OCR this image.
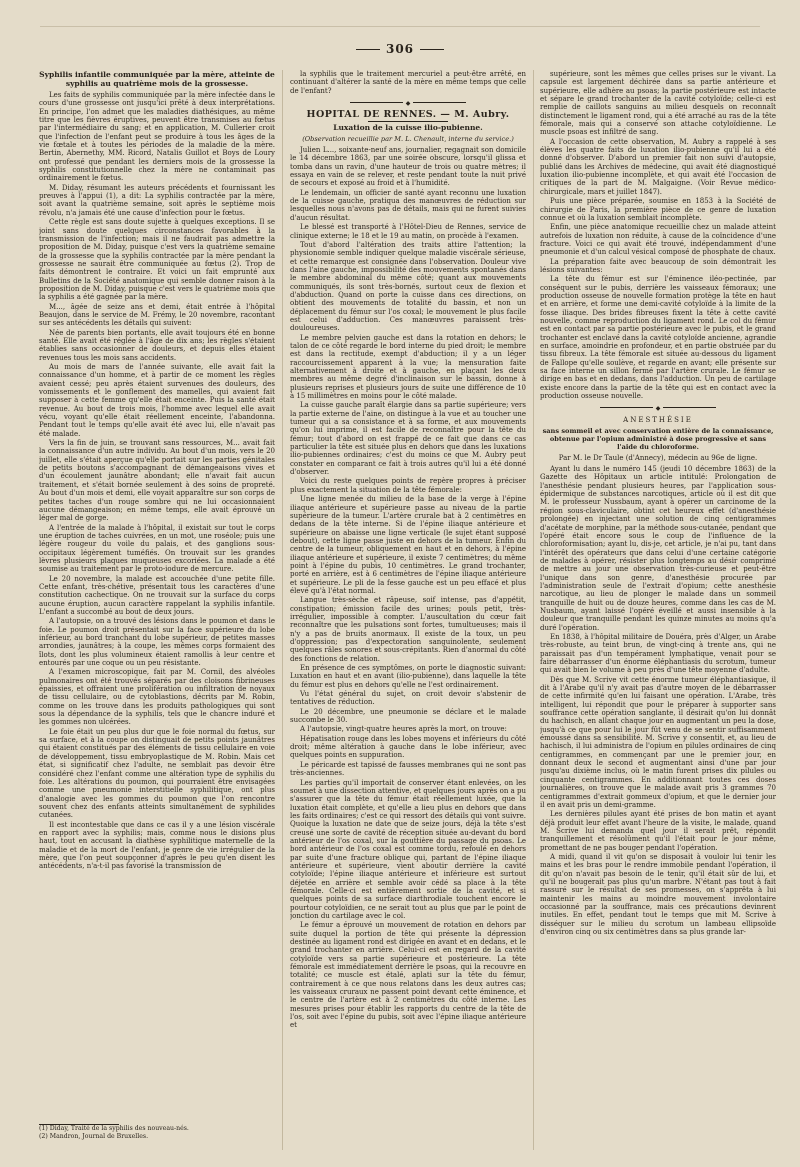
306
Syphilis infantile communiquée par la mère, atteinte de syphilis au quatrième mois de la grossesse.

Les faits de syphilis communiquée par la mère infectée dans le cours d'une grossesse ont jusqu'ici prêté à deux interprétations. En principe, l'on admet que les maladies diathésiques, au même titre que les fièvres éruptives, peuvent être transmises au fœtus par l'intermédiaire du sang; et en application, M. Cullerier croit que l'infection de l'enfant peut se produire à tous les âges de la vie fœtale et à toutes les périodes de la maladie de la mère. Bertin, Abernethy, MM. Ricord, Natalis Guillot et Boys de Loury ont professé que pendant les derniers mois de la grossesse la syphilis constitutionnelle chez la mère ne contaminait pas ordinairement le fœtus.

M. Diday, résumant les auteurs précédents et fournissant les preuves à l'appui (1), a dit: La syphilis contractée par la mère, soit avant la quatrième semaine, soit après le septième mois révolu, n'a jamais été une cause d'infection pour le fœtus.

Cette règle est sans doute sujette à quelques exceptions. Il se joint sans doute quelques circonstances favorables à la transmission de l'infection; mais il ne faudrait pas admettre la proposition de M. Diday, puisque c'est vers la quatrième semaine de la grossesse que la syphilis contractée par la mère pendant la grossesse ne saurait être communiquée au fœtus (2). Trop de faits démontrent le contraire. Et voici un fait emprunté aux Bulletins de la Société anatomique qui semble donner raison à la proposition de M. Diday, puisque c'est vers le quatrième mois que la syphilis a été gagnée par la mère.

M..., âgée de seize ans et demi, était entrée à l'hôpital Beaujon, dans le service de M. Frémy, le 20 novembre, racontant sur ses antécédents les détails qui suivent:

Née de parents bien portants, elle avait toujours été en bonne santé. Elle avait été réglée à l'âge de dix ans; les règles s'étaient établies sans occasionner de douleurs, et depuis elles étaient revenues tous les mois sans accidents.

Au mois de mars de l'année suivante, elle avait fait la connaissance d'un homme, et à partir de ce moment les règles avaient cessé; peu après étaient survenues des douleurs, des vomissements et le gonflement des mamelles, qui avaient fait supposer à cette femme qu'elle était enceinte. Puis la santé était revenue. Au bout de trois mois, l'homme avec lequel elle avait vécu, voyant qu'elle était réellement enceinte, l'abandonna. Pendant tout le temps qu'elle avait été avec lui, elle n'avait pas été malade.

Vers la fin de juin, se trouvant sans ressources, M... avait fait la connaissance d'un autre individu. Au bout d'un mois, vers le 20 juillet, elle s'était aperçue qu'elle portait sur les parties génitales de petits boutons s'accompagnant de démangeaisons vives et d'un écoulement jaunâtre abondant; elle n'avait fait aucun traitement, et s'était bornée seulement à des soins de propreté. Au bout d'un mois et demi, elle voyait apparaître sur son corps de petites taches d'un rouge sombre qui ne lui occasionnaient aucune démangeaison; en même temps, elle avait éprouvé un léger mal de gorge.

A l'entrée de la malade à l'hôpital, il existait sur tout le corps une éruption de taches cuivrées, en un mot, une roséole; puis une légère rougeur du voile du palais, et des ganglions sous-occipitaux légèrement tuméfiés. On trouvait sur les grandes lèvres plusieurs plaques muqueuses excoriées. La malade a été soumise au traitement par le proto-iodure de mercure.

Le 20 novembre, la malade est accouchée d'une petite fille. Cette enfant, très-chétive, présentait tous les caractères d'une constitution cachectique. On ne trouvait sur la surface du corps aucune éruption, aucun caractère rappelant la syphilis infantile. L'enfant a succombé au bout de deux jours.

A l'autopsie, on a trouvé des lésions dans le poumon et dans le foie. Le poumon droit présentait sur la face supérieure du lobe inférieur, au bord tranchant du lobe supérieur, de petites masses arrondies, jaunâtres; à la coupe, les mêmes corps formaient des îlots, dont les plus volumineux étaient ramollis à leur centre et entourés par une coque ou un peu résistante.

A l'examen microscopique, fait par M. Cornil, des alvéoles pulmonaires ont été trouvés séparés par des cloisons fibrineuses épaissies, et offraient une prolifération ou infiltration de noyaux de tissu cellulaire, ou de cytoblastions, décrits par M. Robin, comme on les trouve dans les produits pathologiques qui sont sous la dépendance de la syphilis, tels que le chancre induré et les gommes non ulcérées.

Le foie était un peu plus dur que le foie normal du fœtus, sur sa surface, et à la coupe on distinguait de petits points jaunâtres qui étaient constitués par des éléments de tissu cellulaire en voie de développement, tissu embryoplastique de M. Robin. Mais cet état, si significatif chez l'adulte, ne semblait pas devoir être considéré chez l'enfant comme une altération type de syphilis du foie. Les altérations du poumon, qui pourraient être envisagées comme une pneumonie interstitielle syphilitique, ont plus d'analogie avec les gommes du poumon que l'on rencontre souvent chez des enfants atteints simultanément de syphilides cutanées.

Il est incontestable que dans ce cas il y a une lésion viscérale en rapport avec la syphilis; mais, comme nous le disions plus haut, tout en accusant la diathèse syphilitique maternelle de la maladie et de la mort de l'enfant, je genre de vie irrégulier de la mère, que l'on peut soupçonner d'après le peu qu'en disent les antécédents, n'a-t-il pas favorisé la transmission de

la syphilis que le traitement mercuriel a peut-être arrêté, en continuant d'altérer la santé de la mère en même temps que celle de l'enfant?

◆
HOPITAL DE RENNES. — M. Aubry.
Luxation de la cuisse ilio-pubienne.
(Observation recueillie par M. L. Chenault, interne du service.)

Julien L..., soixante-neuf ans, journalier, regagnait son domicile le 14 décembre 1863, par une soirée obscure, lorsqu'il glissa et tomba dans un ravin, d'une hauteur de trois ou quatre mètres; il essaya en vain de se relever, et reste pendant toute la nuit privé de secours et exposé au froid et à l'humidité.

Le lendemain, un officier de santé ayant reconnu une luxation de la cuisse gauche, pratiqua des manœuvres de réduction sur lesquelles nous n'avons pas de détails, mais qui ne furent suivies d'aucun résultat.

Le blessé est transporté à l'Hôtel-Dieu de Rennes, service de clinique externe; le 18 et le 19 au matin, on procède à l'examen.

Tout d'abord l'altération des traits attire l'attention; la physionomie semble indiquer quelque maladie viscérale sérieuse, et cette remarque est consignée dans l'observation. Douleur vive dans l'aine gauche, impossibilité des mouvements spontanés dans le membre abdominal du même côté; quant aux mouvements communiqués, ils sont très-bornés, surtout ceux de flexion et d'abduction. Quand on porte la cuisse dans ces directions, on obtient des mouvements de totalité du bassin, et non un déplacement du fémur sur l'os coxal; le mouvement le plus facile est celui d'adduction. Ces manœuvres paraissent très-douloureuses.

Le membre pelvien gauche est dans la rotation en dehors; le talon de ce côté regarde le bord interne du pied droit; le membre est dans la rectitude, exempt d'abduction; il y a un léger raccourcissement apparent à la vue; la mensuration faite alternativement à droite et à gauche, en plaçant les deux membres au même degré d'inclinaison sur le bassin, donne à plusieurs reprises et plusieurs jours de suite une différence de 10 à 15 millimètres en moins pour le côté malade.

La cuisse gauche paraît élargie dans sa partie supérieure; vers la partie externe de l'aine, on distingue à la vue et au toucher une tumeur qui a sa consistance et à sa forme, et aux mouvements qu'on lui imprime, il est facile de reconnaître pour la tête du fémur; tout d'abord on est frappé de ce fait que dans ce cas particulier la tête est située plus en dehors que dans les luxations ilio-pubiennes ordinaires; c'est du moins ce que M. Aubry peut constater en comparant ce fait à trois autres qu'il lui a été donné d'observer.

Voici du reste quelques points de repère propres à préciser plus exactement la situation de la tête fémorale:

Une ligne menée du milieu de la base de la verge à l'épine iliaque antérieure et supérieure passe au niveau de la partie supérieure de la tumeur. L'artère crurale bat à 2 centimètres en dedans de la tête interne. Si de l'épine iliaque antérieure et supérieure on abaisse une ligne verticale (le sujet étant supposé debout), cette ligne passe juste en dehors de la tumeur. Enfin du centre de la tumeur, obliquement en haut et en dehors, à l'épine iliaque antérieure et supérieure, il existe 7 centimètres; du même point à l'épine du pubis, 10 centimètres. Le grand trochanter, porté en arrière, est à 6 centimètres de l'épine iliaque antérieure et supérieure. Le pli de la fesse gauche est un peu effacé et plus élevé qu'à l'état normal.

Langue très-sèche et râpeuse, soif intense, pas d'appétit, constipation; émission facile des urines; pouls petit, très-irrégulier, impossible à compter. L'auscultation du cœur fait reconnaître que les pulsations sont fortes, tumultueuses; mais il n'y a pas de bruits anormaux. Il existe de la toux, un peu d'oppression; pas d'expectoration sanguinolente, seulement quelques râles sonores et sous-crépitants. Rien d'anormal du côté des fonctions de relation.

En présence de ces symptômes, on porte le diagnostic suivant: Luxation en haut et en avant (ilio-pubienne), dans laquelle la tête du fémur est plus en dehors qu'elle ne l'est ordinairement.

Vu l'état général du sujet, on croit devoir s'abstenir de tentatives de réduction.

Le 20 décembre, une pneumonie se déclare et le malade succombe le 30.

A l'autopsie, vingt-quatre heures après la mort, on trouve:

Hépatisation rouge dans les lobes moyens et inférieurs du côté droit; même altération à gauche dans le lobe inférieur, avec quelques points en suppuration.

Le péricarde est tapissé de fausses membranes qui ne sont pas très-anciennes.

Les parties qu'il importait de conserver étant enlevées, on les soumet à une dissection attentive, et quelques jours après on a pu s'assurer que la tête du fémur était réellement luxée, que la luxation était complète, et qu'elle a lieu plus en dehors que dans les faits ordinaires; c'est ce qui ressort des détails qui vont suivre. Quoique la luxation ne date que de seize jours, déjà la tête s'est creusé une sorte de cavité de réception située au-devant du bord antérieur de l'os coxal, sur la gouttière du passage du psoas. Le bord antérieur de l'os coxal est comme tordu, refoulé en dehors par suite d'une fracture oblique qui, partant de l'épine iliaque antérieure et supérieure, vient aboutir derrière la cavité cotyloïde; l'épine iliaque antérieure et inférieure est surtout déjetée en arrière et semble avoir cédé sa place à la tête fémorale. Celle-ci est entièrement sortie de la cavité, et si quelques points de sa surface diarthrodiale touchent encore le pourtour cotyloïdien, ce ne serait tout au plus que par le point de jonction du cartilage avec le col.

Le fémur a éprouvé un mouvement de rotation en dehors par suite duquel la portion de tête qui présente la dépression destinée au ligament rond est dirigée en avant et en dedans, et le grand trochanter en arrière. Celui-ci est en regard de la cavité cotyloïde vers sa partie supérieure et postérieure. La tête fémorale est immédiatement derrière le psoas, qui la recouvre en totalité; ce muscle est étalé, aplati sur la tête du fémur, contrairement à ce que nous relatons dans les deux autres cas; les vaisseaux cruraux ne passent point devant cette éminence, et le centre de l'artère est à 2 centimètres du côté interne. Les mesures prises pour établir les rapports du centre de la tête de l'os, soit avec l'épine du pubis, soit avec l'épine iliaque antérieure et

supérieure, sont les mêmes que celles prises sur le vivant. La capsule est largement déchirée dans sa partie antérieure et supérieure, elle adhère au psoas; la partie postérieure est intacte et sépare le grand trochanter de la cavité cotyloïde; celle-ci est remplie de caillots sanguins au milieu desquels on reconnaît distinctement le ligament rond, qui a été arraché au ras de la tête fémorale, mais qui a conservé son attache cotyloïdienne. Le muscle psoas est infiltré de sang.

A l'occasion de cette observation, M. Aubry a rappelé à ses élèves les quatre faits de luxation ilio-pubienne qu'il lui a été donné d'observer. D'abord un premier fait non suivi d'autopsie, publié dans les Archives de médecine, qui avait été diagnostiqué luxation ilio-pubienne incomplète, et qui avait été l'occasion de critiques de la part de M. Malgaigne. (Voir Revue médico-chirurgicale, mars et juillet 1847).

Puis une pièce préparée, soumise en 1853 à la Société de chirurgie de Paris, la première pièce de ce genre de luxation connue et où la luxation semblait incomplète.

Enfin, une pièce anatomique recueillie chez un malade atteint autrefois de luxation non réduite, à cause de la coïncidence d'une fracture. Voici ce qui avait été trouvé, indépendamment d'une pneumonie et d'un calcul vésical composé de phosphate de chaux.

La préparation faite avec beaucoup de soin démontrait les lésions suivantes:

La tête du fémur est sur l'éminence iléo-pectinée, par conséquent sur le pubis, derrière les vaisseaux fémoraux; une production osseuse de nouvelle formation protège la tête en haut et en arrière, et forme une demi-cavité cotyloïde à la limite de la fosse iliaque. Des brides fibreuses fixent la tête à cette cavité nouvelle, comme reproduction du ligament rond. Le col du fémur est en contact par sa partie postérieure avec le pubis, et le grand trochanter est enclavé dans la cavité cotyloïde ancienne, agrandie en surface, amoindrie en profondeur, et en partie obstruée par du tissu fibreux. La tête fémorale est située au-dessous du ligament de Fallope qu'elle soulève, et regarde en avant; elle présente sur sa face interne un sillon fermé par l'artère crurale. Le fémur se dirige en bas et en dedans, dans l'adduction. Un peu de cartilage existe encore dans la partie de la tête qui est en contact avec la production osseuse nouvelle.

◆
ANESTHÉSIE
sans sommeil et avec conservation entière de la connaissance, obtenue par l'opium administré à dose progressive et sans l'aide du chloroforme.
Par M. le Dr Taule (d'Annecy), médecin au 96e de ligne.

Ayant lu dans le numéro 145 (jeudi 10 décembre 1863) de la Gazette des Hôpitaux un article intitulé: Prolongation de l'anesthésie pendant plusieurs heures, par l'application sous-épidermique de substances narcotiques, article où il est dit que M. le professeur Nussbaum, ayant à opérer un carcinome de la région sous-claviculaire, obtint cet heureux effet (d'anesthésie prolongée) en injectant une solution de cinq centigrammes d'acétate de morphine, par la méthode sous-cutanée, pendant que l'opéré était encore sous le coup de l'influence de la chloroformisation; ayant lu, dis-je, cet article, je n'ai pu, tant dans l'intérêt des opérateurs que dans celui d'une certaine catégorie de malades à opérer, résister plus longtemps au désir comprimé de mettre au jour une observation très-curieuse et peut-être l'unique dans son genre, d'anesthésie procurée par l'administration seule de l'extrait d'opium; cette anesthésie narcotique, au lieu de plonger le malade dans un sommeil tranquille de huit ou de douze heures, comme dans les cas de M. Nusbaum, ayant laissé l'opéré éveillé et aussi insensible à la douleur que tranquille pendant les quinze minutes au moins qu'a duré l'opération.

En 1838, à l'hôpital militaire de Douéra, près d'Alger, un Arabe très-robuste, au teint brun, de vingt-cinq à trente ans, qui ne paraissait pas d'un tempérament lymphatique, venait pour se faire débarrasser d'un énorme éléphantiasis du scrotum, tumeur qui avait bien le volume à peu près d'une tête moyenne d'adulte.

Dès que M. Scrive vit cette énorme tumeur éléphantiasique, il dit à l'Arabe qu'il n'y avait pas d'autre moyen de le débarrasser de cette infirmité qu'en lui faisant une opération. L'Arabe, très intelligent, lui répondit que pour le préparer à supporter sans souffrance cette opération sanglante, il désirait qu'on lui donnât du hachisch, en allant chaque jour en augmentant un peu la dose, jusqu'à ce que pour lui le jour fût venu de se sentir suffisamment émoussé dans sa sensibilité. M. Scrive y consentit, et, au lieu de hachisch, il lui administra de l'opium en pilules ordinaires de cinq centigrammes, en commençant par une le premier jour, en donnant deux le second et augmentant ainsi d'une par jour jusqu'au dixième inclus, où le matin furent prises dix pilules ou cinquante centigrammes. En additionnant toutes ces doses journalières, on trouve que le malade avait pris 3 grammes 70 centigrammes d'extrait gommeux d'opium, et que le dernier jour il en avait pris un demi-gramme.

Les dernières pilules ayant été prises de bon matin et ayant déjà produit leur effet avant l'heure de la visite, le malade, quand M. Scrive lui demanda quel jour il serait prêt, répondit tranquillement et résolûment qu'il l'était pour le jour même, promettant de ne pas bouger pendant l'opération.

A midi, quand il vit qu'on se disposait à vouloir lui tenir les mains et les bras pour le rendre immobile pendant l'opération, il dit qu'on n'avait pas besoin de le tenir, qu'il était sûr de lui, et qu'il ne bougerait pas plus qu'un marbre. N'étant pas tout à fait rassuré sur le résultat de ses promesses, on s'apprêta à lui maintenir les mains au moindre mouvement involontaire occasionné par la souffrance, mais ces précautions devinrent inutiles. En effet, pendant tout le temps que mit M. Scrive à disséquer sur le milieu du scrotum un lambeau ellipsoïde d'environ cinq ou six centimètres dans sa plus grande lar-

(1) Diday, Traité de la syphilis des nouveau-nés.
(2) Mandron, Journal de Bruxelles.
